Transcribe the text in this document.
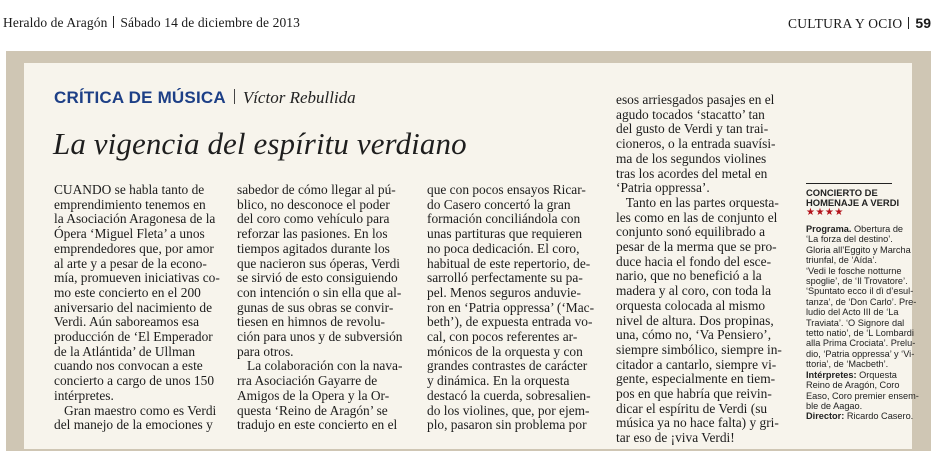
Heraldo de Aragón Sábado 14 de diciembre de 2013	CULTURA Y OCIO 59
CRÍTICA DE MÚSICA Víctor Rebullida
La vigencia del espíritu verdiano
CUANDO se habla tanto de
emprendimiento tenemos en
la Asociación Aragonesa de la
Ópera ‘Miguel Fleta’ a unos
emprendedores que, por amor
al arte y a pesar de la econo-
mía, promueven iniciativas co-
mo este concierto en el 200
aniversario del nacimiento de
Verdi. Aún saboreamos esa
producción de ‘El Emperador
de la Atlántida’ de Ullman
cuando nos convocan a este
concierto a cargo de unos 150
intérpretes.
Gran maestro como es Verdi
del manejo de la emociones y
sabedor de cómo llegar al pú-
blico, no desconoce el poder
del coro como vehículo para
reforzar las pasiones. En los
tiempos agitados durante los
que nacieron sus óperas, Verdi
se sirvió de esto consiguiendo
con intención o sin ella que al-
gunas de sus obras se convir-
tiesen en himnos de revolu-
ción para unos y de subversión
para otros.
La colaboración con la nava-
rra Asociación Gayarre de
Amigos de la Opera y la Or-
questa ‘Reino de Aragón’ se
tradujo en este concierto en el
que con pocos ensayos Ricar-
do Casero concertó la gran
formación conciliándola con
unas partituras que requieren
no poca dedicación. El coro,
habitual de este repertorio, de-
sarrolló perfectamente su pa-
pel. Menos seguros anduvie-
ron en ‘Patria oppressa’ (‘Mac-
beth’), de expuesta entrada vo-
cal, con pocos referentes ar-
mónicos de la orquesta y con
grandes contrastes de carácter
y dinámica. En la orquesta
destacó la cuerda, sobresalien-
do los violines, que, por ejem-
plo, pasaron sin problema por
esos arriesgados pasajes en el
agudo tocados ‘stacatto’ tan
del gusto de Verdi y tan trai-
cioneros, o la entrada suavísi-
ma de los segundos violines
tras los acordes del metal en
‘Patria oppressa’.
Tanto en las partes orquesta-
les como en las de conjunto el
conjunto sonó equilibrado a
pesar de la merma que se pro-
duce hacia el fondo del esce-
nario, que no benefició a la
madera y al coro, con toda la
orquesta colocada al mismo
nivel de altura. Dos propinas,
una, cómo no, ‘Va Pensiero’,
siempre simbólico, siempre in-
citador a cantarlo, siempre vi-
gente, especialmente en tiem-
pos en que habría que reivin-
dicar el espíritu de Verdi (su
música ya no hace falta) y gri-
tar eso de ¡viva Verdi!
CONCIERTO DE
HOMENAJE A VERDI
★★★★
Programa. Obertura de
‘La forza del destino’.
Gloria all’Eggito y Marcha
triunfal, de ‘Aída’.
‘Vedi le fosche notturne
spoglie’, de ‘Il Trovatore’.
‘Spuntato ecco il dì d’esul-
tanza’, de ‘Don Carlo’. Pre-
ludio del Acto III de ‘La
Traviata’. ‘O Signore dal
tetto natio’, de ‘L Lombardi
alla Prima Crociata’. Prelu-
dio, ‘Patria oppressa’ y ‘Vi-
ttoria’, de ‘Macbeth’.
Intérpretes: Orquesta
Reino de Aragón, Coro
Easo, Coro premier ensem-
ble de Aagao.
Director: Ricardo Casero.
